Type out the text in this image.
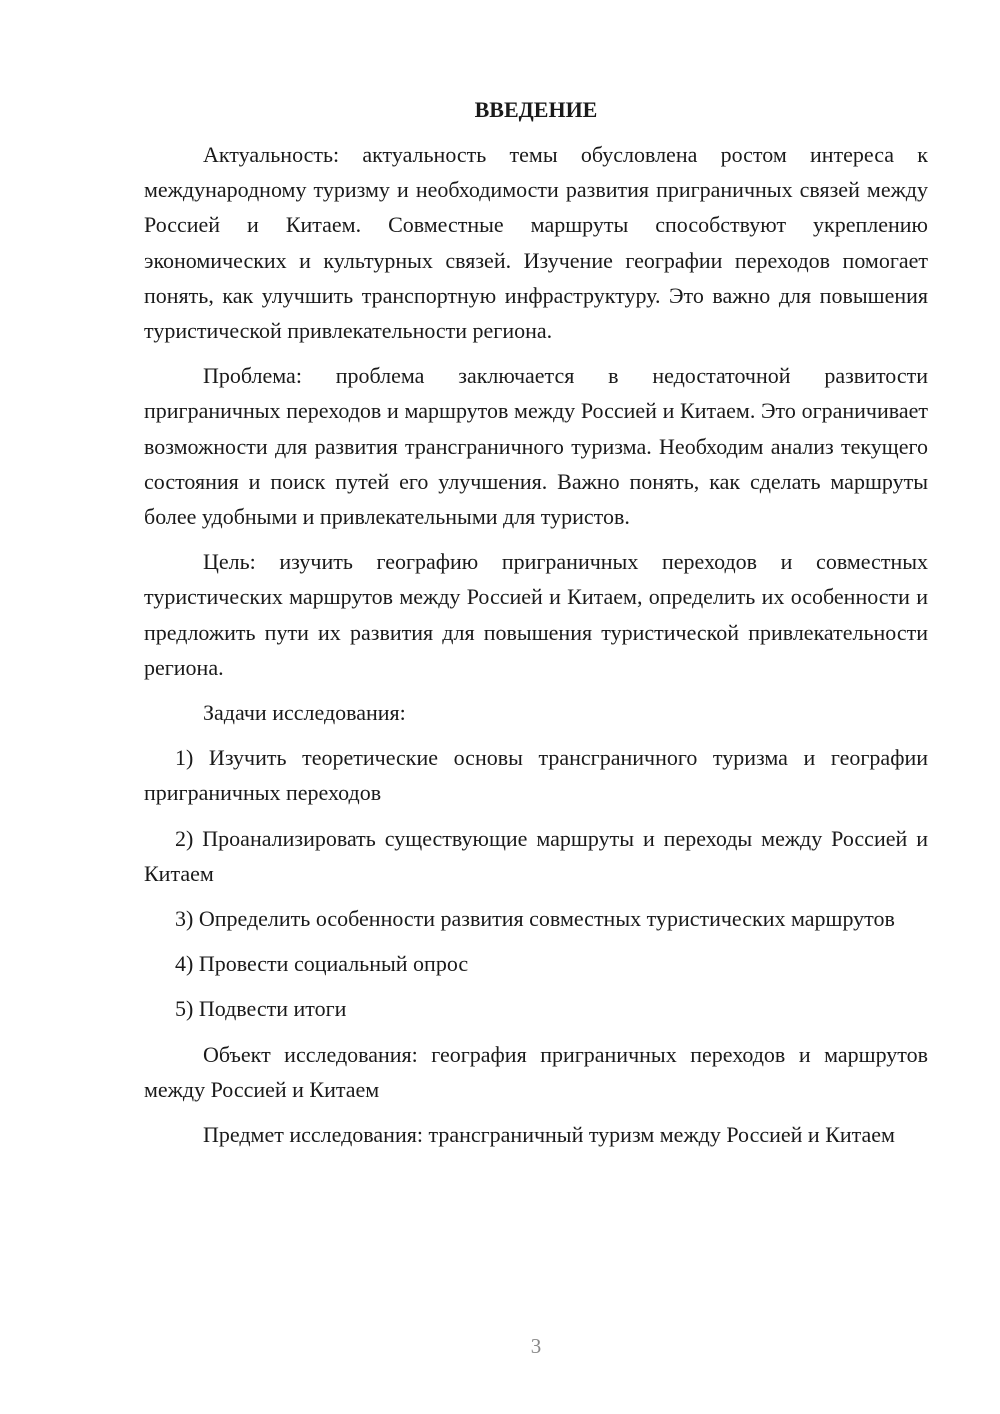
ВВЕДЕНИЕ

Актуальность: актуальность темы обусловлена ростом интереса к международному туризму и необходимости развития приграничных связей между Россией и Китаем. Совместные маршруты способствуют укреплению экономических и культурных связей. Изучение географии переходов помогает понять, как улучшить транспортную инфраструктуру. Это важно для повышения туристической привлекательности региона.

Проблема: проблема заключается в недостаточной развитости приграничных переходов и маршрутов между Россией и Китаем. Это ограничивает возможности для развития трансграничного туризма. Необходим анализ текущего состояния и поиск путей его улучшения. Важно понять, как сделать маршруты более удобными и привлекательными для туристов.

Цель: изучить географию приграничных переходов и совместных туристических маршрутов между Россией и Китаем, определить их особенности и предложить пути их развития для повышения туристической привлекательности региона.

Задачи исследования:

1) Изучить теоретические основы трансграничного туризма и географии приграничных переходов

2) Проанализировать существующие маршруты и переходы между Россией и Китаем

3) Определить особенности развития совместных туристических маршрутов

4) Провести социальный опрос

5) Подвести итоги

Объект исследования: география приграничных переходов и маршрутов между Россией и Китаем

Предмет исследования: трансграничный туризм между Россией и Китаем

3
